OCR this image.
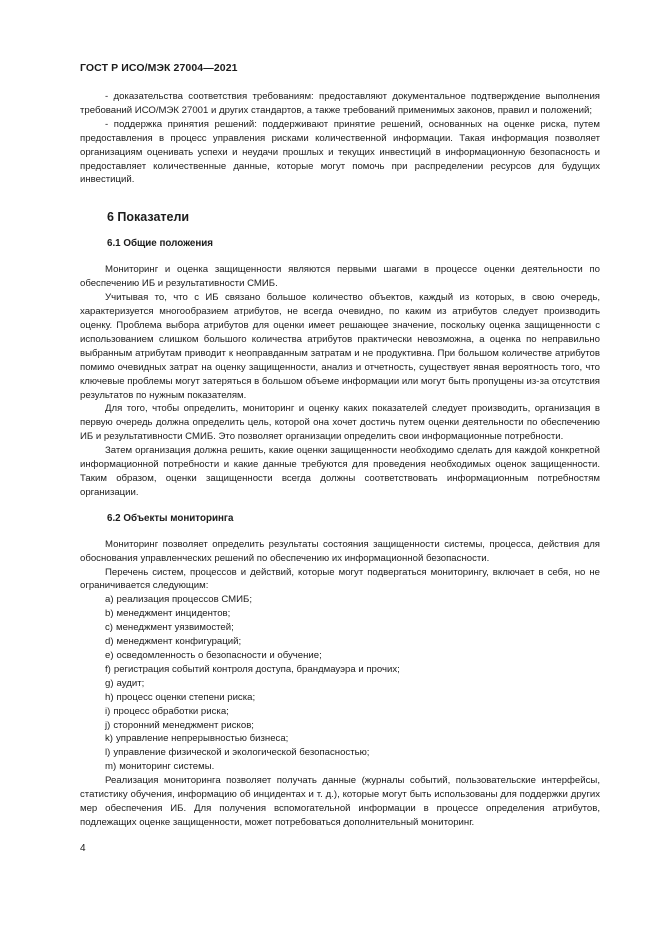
ГОСТ Р ИСО/МЭК 27004—2021

- доказательства соответствия требованиям: предоставляют документальное подтверждение выполнения требований ИСО/МЭК 27001 и других стандартов, а также требований применимых законов, правил и положений;

- поддержка принятия решений: поддерживают принятие решений, основанных на оценке риска, путем предоставления в процесс управления рисками количественной информации. Такая информация позволяет организациям оценивать успехи и неудачи прошлых и текущих инвестиций в информационную безопасность и предоставляет количественные данные, которые могут помочь при распределении ресурсов для будущих инвестиций.

6 Показатели
6.1 Общие положения

Мониторинг и оценка защищенности являются первыми шагами в процессе оценки деятельности по обеспечению ИБ и результативности СМИБ.

Учитывая то, что с ИБ связано большое количество объектов, каждый из которых, в свою очередь, характеризуется многообразием атрибутов, не всегда очевидно, по каким из атрибутов следует производить оценку. Проблема выбора атрибутов для оценки имеет решающее значение, поскольку оценка защищенности с использованием слишком большого количества атрибутов практически невозможна, а оценка по неправильно выбранным атрибутам приводит к неоправданным затратам и не продуктивна. При большом количестве атрибутов помимо очевидных затрат на оценку защищенности, анализ и отчетность, существует явная вероятность того, что ключевые проблемы могут затеряться в большом объеме информации или могут быть пропущены из-за отсутствия результатов по нужным показателям.

Для того, чтобы определить, мониторинг и оценку каких показателей следует производить, организация в первую очередь должна определить цель, которой она хочет достичь путем оценки деятельности по обеспечению ИБ и результативности СМИБ. Это позволяет организации определить свои информационные потребности.

Затем организация должна решить, какие оценки защищенности необходимо сделать для каждой конкретной информационной потребности и какие данные требуются для проведения необходимых оценок защищенности. Таким образом, оценки защищенности всегда должны соответствовать информационным потребностям организации.

6.2 Объекты мониторинга

Мониторинг позволяет определить результаты состояния защищенности системы, процесса, действия для обоснования управленческих решений по обеспечению их информационной безопасности.

Перечень систем, процессов и действий, которые могут подвергаться мониторингу, включает в себя, но не ограничивается следующим:

a) реализация процессов СМИБ;
b) менеджмент инцидентов;
c) менеджмент уязвимостей;
d) менеджмент конфигураций;
e) осведомленность о безопасности и обучение;
f) регистрация событий контроля доступа, брандмауэра и прочих;
g) аудит;
h) процесс оценки степени риска;
i) процесс обработки риска;
j) сторонний менеджмент рисков;
k) управление непрерывностью бизнеса;
l) управление физической и экологической безопасностью;
m) мониторинг системы.

Реализация мониторинга позволяет получать данные (журналы событий, пользовательские интерфейсы, статистику обучения, информацию об инцидентах и т. д.), которые могут быть использованы для поддержки других мер обеспечения ИБ. Для получения вспомогательной информации в процессе определения атрибутов, подлежащих оценке защищенности, может потребоваться дополнительный мониторинг.

4
